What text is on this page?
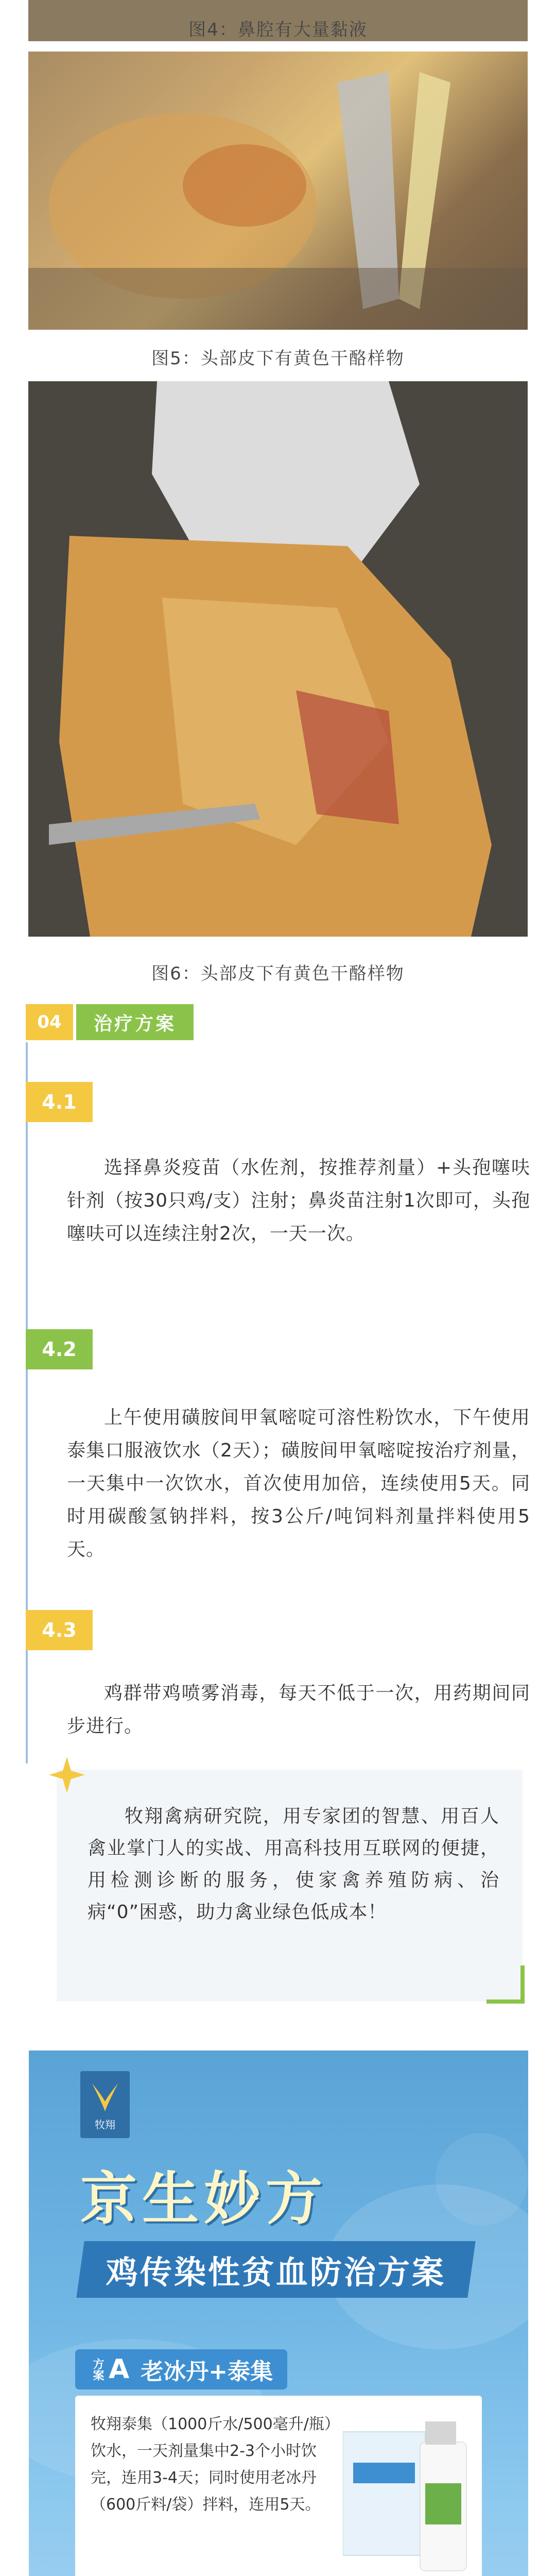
图4：鼻腔有大量黏液
图5：头部皮下有黄色干酪样物
图6：头部皮下有黄色干酪样物
04	治疗方案
4.1
选择鼻炎疫苗（水佐剂，按推荐剂量）+头孢噻呋针剂（按30只鸡/支）注射；鼻炎苗注射1次即可，头孢噻呋可以连续注射2次，一天一次。
4.2
上午使用磺胺间甲氧嘧啶可溶性粉饮水，下午使用泰集口服液饮水（2天）；磺胺间甲氧嘧啶按治疗剂量，一天集中一次饮水，首次使用加倍，连续使用5天。同时用碳酸氢钠拌料，按3公斤/吨饲料剂量拌料使用5天。
4.3
鸡群带鸡喷雾消毒，每天不低于一次，用药期间同步进行。
牧翔禽病研究院，用专家团的智慧、用百人禽业掌门人的实战、用高科技用互联网的便捷，用检测诊断的服务，使家禽养殖防病、治病“0”困惑，助力禽业绿色低成本！
牧翔
京生妙方
鸡传染性贫血防治方案
方案 A 老冰丹+泰集
牧翔泰集（1000斤水/500毫升/瓶）饮水，一天剂量集中2-3个小时饮完，连用3-4天；同时使用老冰丹（600斤料/袋）拌料，连用5天。
